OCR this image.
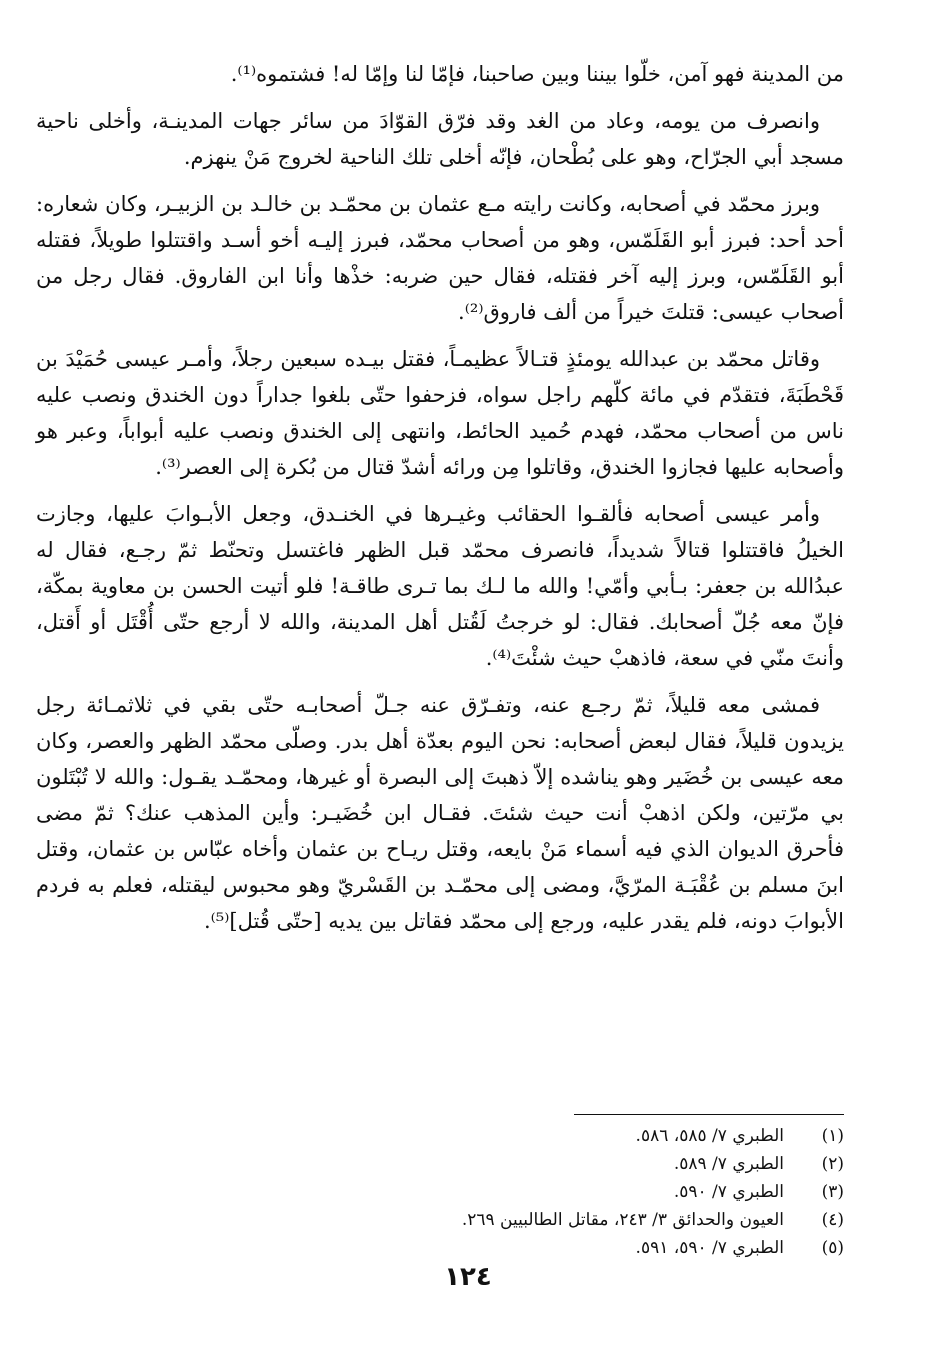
من المدينة فهو آمن، خلّوا بيننا وبين صاحبنا، فإمّا لنا وإمّا له! فشتموه⁽¹⁾.

وانصرف من يومه، وعاد من الغد وقد فرّق القوّادَ من سائر جهات المدينـة، وأخلى ناحية مسجد أبي الجرّاح، وهو على بُطْحان، فإنّه أخلى تلك الناحية لخروج مَنْ ينهزم.

وبرز محمّد في أصحابه، وكانت رايته مـع عثمان بن محمّـد بن خالـد بن الزبيـر، وكان شعاره: أحد أحد: فبرز أبو القَلَمّس، وهو من أصحاب محمّد، فبرز إليـه أخو أسـد واقتتلوا طويلاً، فقتله أبو القَلَمّس، وبرز إليه آخر فقتله، فقال حين ضربه: خذْها وأنا ابن الفاروق. فقال رجل من أصحاب عيسى: قتلتَ خيراً من ألف فاروق⁽²⁾.

وقاتل محمّد بن عبدالله يومئذٍ قتـالاً عظيمـاً، فقتل بيـده سبعين رجلاً، وأمـر عيسى حُمَيْدَ بن قَحْطَبَةَ، فتقدّم في مائة كلّهم راجل سواه، فزحفوا حتّى بلغوا جداراً دون الخندق ونصب عليه ناس من أصحاب محمّد، فهدم حُميد الحائط، وانتهى إلى الخندق ونصب عليه أبواباً، وعبر هو وأصحابه عليها فجازوا الخندق، وقاتلوا مِن ورائه أشدّ قتال من بُكرة إلى العصر⁽³⁾.

وأمر عيسى أصحابه فألقـوا الحقائب وغيـرها في الخنـدق، وجعل الأبـوابَ عليها، وجازت الخيلُ فاقتتلوا قتالاً شديداً، فانصرف محمّد قبل الظهر فاغتسل وتحنّط ثمّ رجـع، فقال له عبدُالله بن جعفر: بـأبي وأمّي! والله ما لـك بما تـرى طاقـة! فلو أتيت الحسن بن معاوية بمكّة، فإنّ معه جُلّ أصحابك. فقال: لو خرجتُ لَقُتل أهل المدينة، والله لا أرجع حتّى أُقْتَل أو أَقتل، وأنتَ منّي في سعة، فاذهبْ حيث شئْتَ⁽⁴⁾.

فمشى معه قليلاً، ثمّ رجـع عنه، وتفـرّق عنه جـلّ أصحابـه حتّى بقي في ثلاثمـائة رجل يزيدون قليلاً، فقال لبعض أصحابه: نحن اليوم بعدّة أهل بدر. وصلّى محمّد الظهر والعصر، وكان معه عيسى بن خُضَير وهو يناشده إلاّ ذهبتَ إلى البصرة أو غيرها، ومحمّـد يقـول: والله لا تُبْتَلون بي مرّتين، ولكن اذهبْ أنت حيث شئتَ. فقـال ابن خُضَيـر: وأين المذهب عنك؟ ثمّ مضى فأحرق الديوان الذي فيه أسماء مَنْ بايعه، وقتل ريـاح بن عثمان وأخاه عبّاس بن عثمان، وقتل ابنَ مسلم بن عُقْبَـة المرّيَّ، ومضى إلى محمّـد بن القَسْريّ وهو محبوس ليقتله، فعلم به فردم الأبوابَ دونه، فلم يقدر عليه، ورجع إلى محمّد فقاتل بين يديه [حتّى قُتل]⁽⁵⁾.

(١)
الطبري ٧/ ٥٨٥، ٥٨٦.
(٢)
الطبري ٧/ ٥٨٩.
(٣)
الطبري ٧/ ٥٩٠.
(٤)
العيون والحدائق ٣/ ٢٤٣، مقاتل الطالبيين ٢٦٩.
(٥)
الطبري ٧/ ٥٩٠، ٥٩١.
١٢٤
